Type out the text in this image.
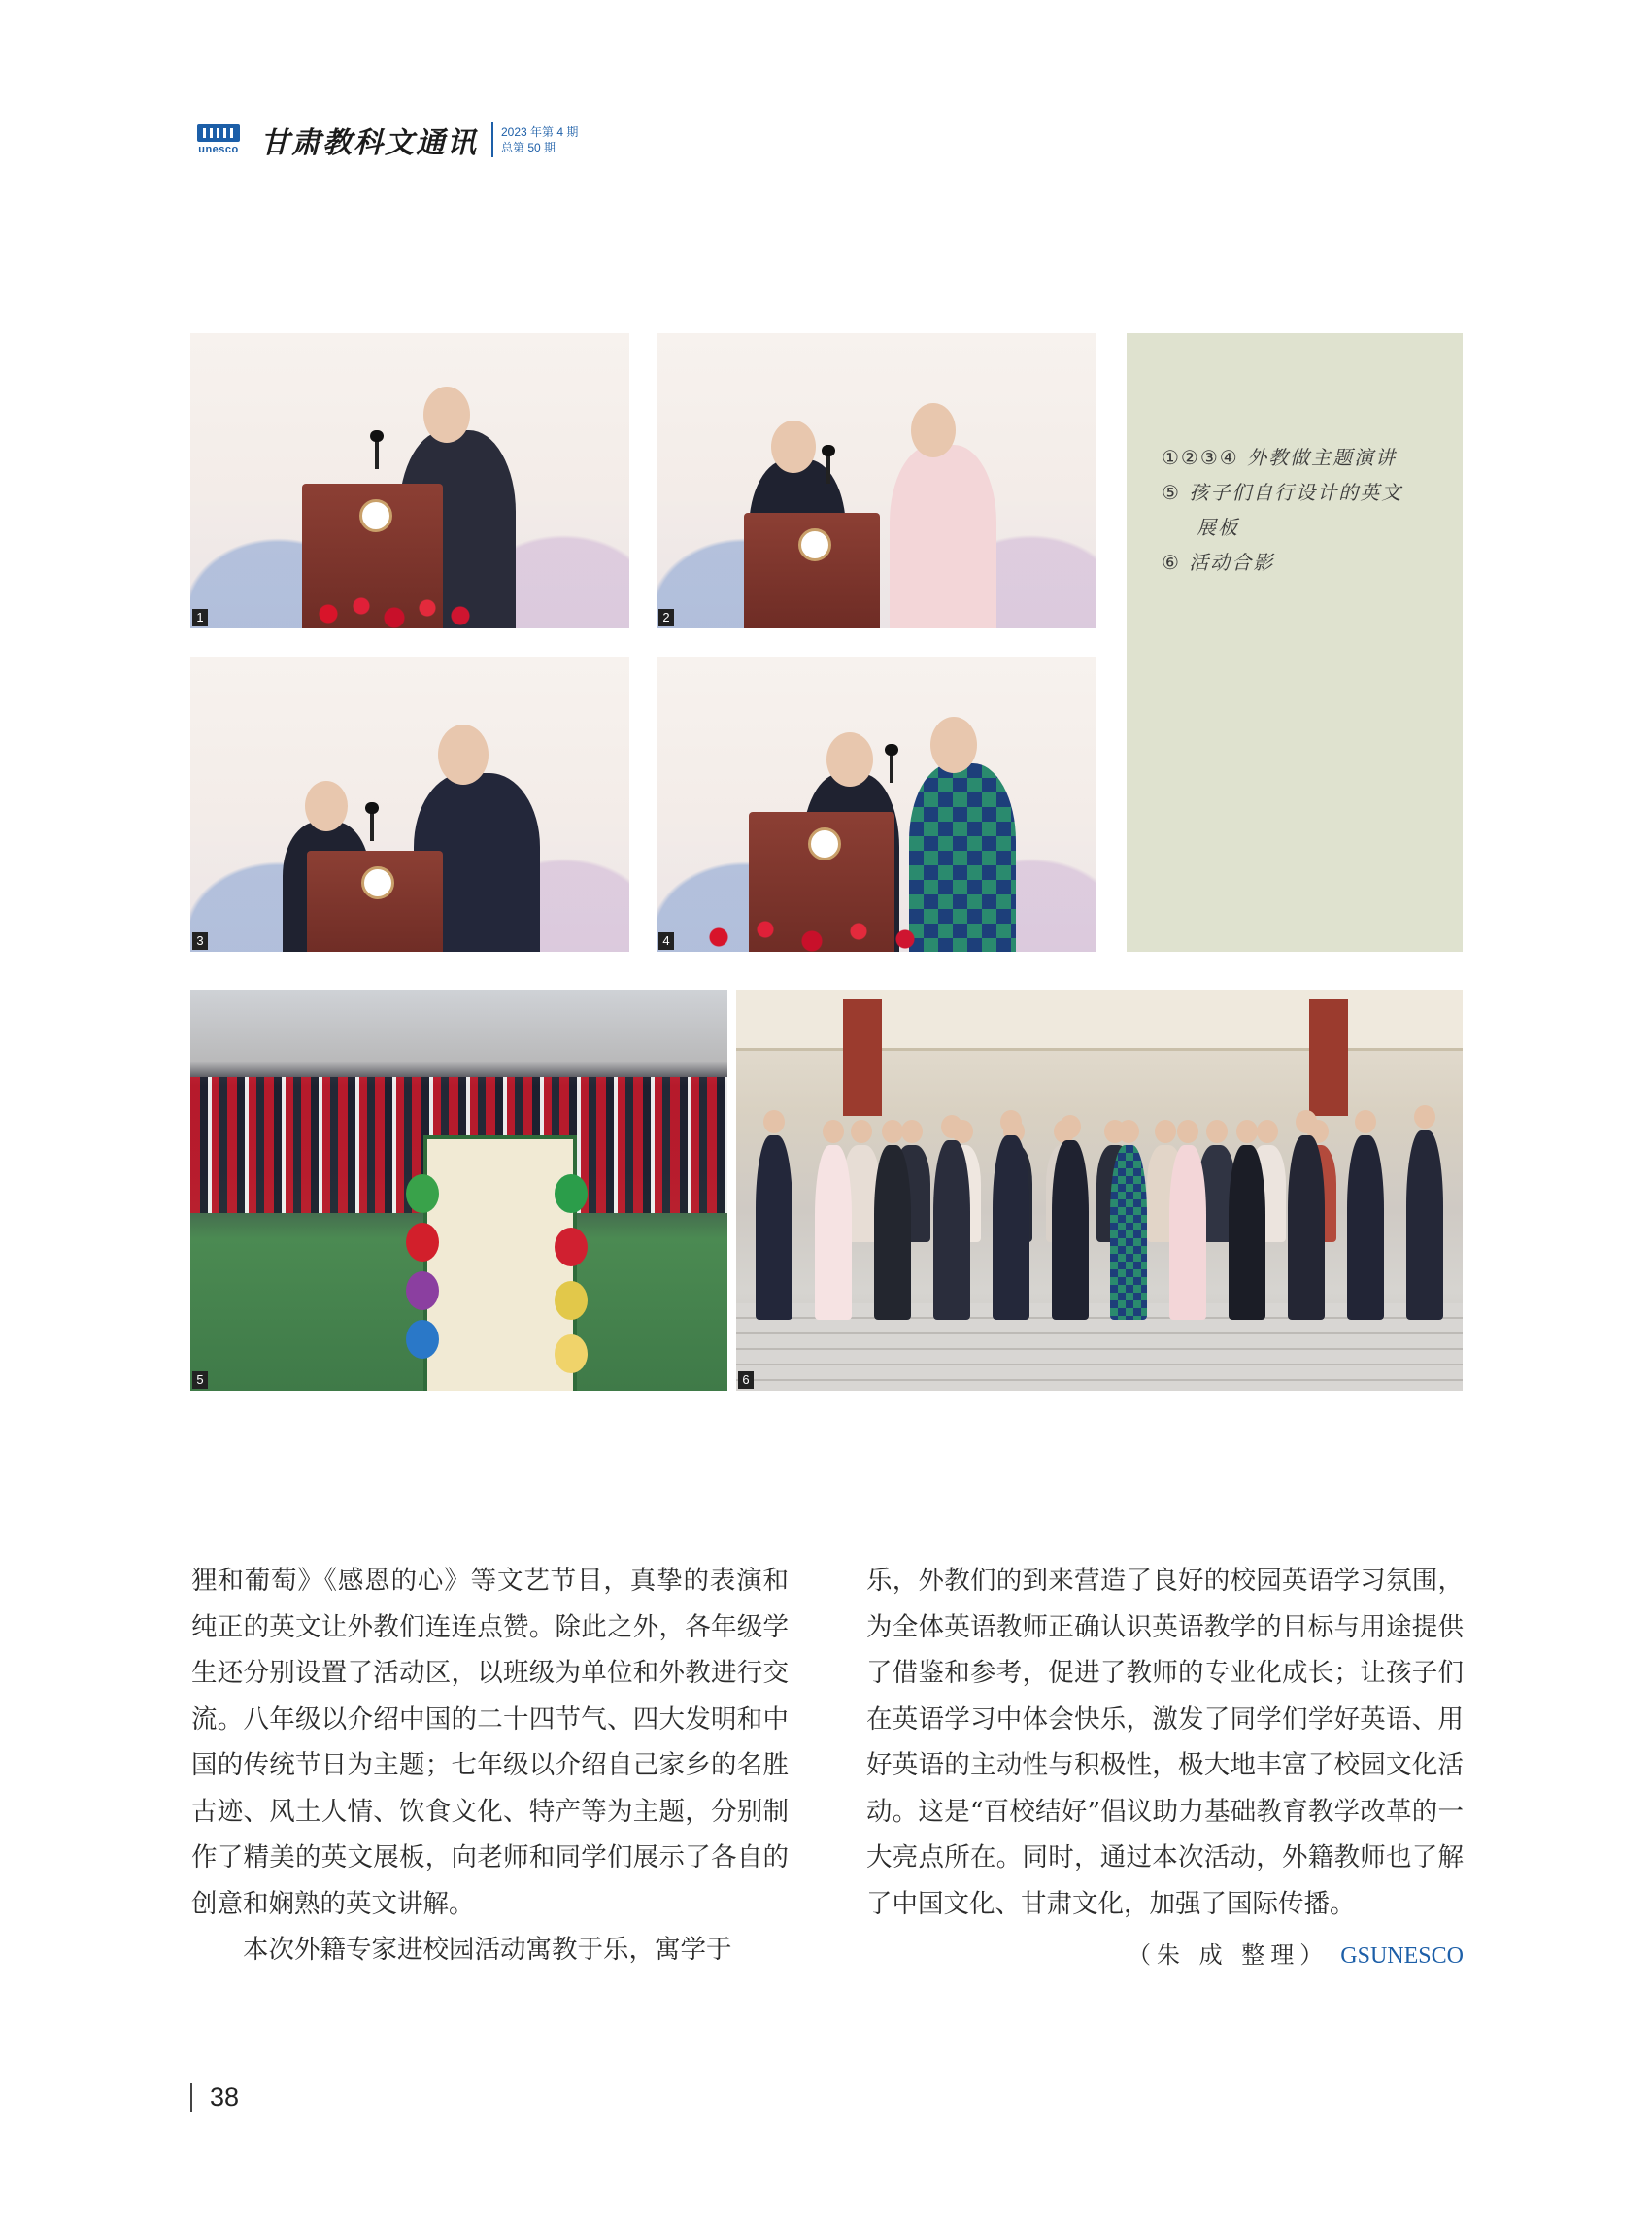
unesco 甘肃教科文通讯 2023 年第 4 期
总第 50 期
1	2
①②③④ 外教做主题演讲
⑤ 孩子们自行设计的英文
展板
⑥ 活动合影
3	4
5	6

狸和葡萄》《感恩的心》等文艺节目，真挚的表演和纯正的英文让外教们连连点赞。除此之外，各年级学生还分别设置了活动区，以班级为单位和外教进行交流。八年级以介绍中国的二十四节气、四大发明和中国的传统节日为主题；七年级以介绍自己家乡的名胜古迹、风土人情、饮食文化、特产等为主题，分别制作了精美的英文展板，向老师和同学们展示了各自的创意和娴熟的英文讲解。

本次外籍专家进校园活动寓教于乐，寓学于

乐，外教们的到来营造了良好的校园英语学习氛围，为全体英语教师正确认识英语教学的目标与用途提供了借鉴和参考，促进了教师的专业化成长；让孩子们在英语学习中体会快乐，激发了同学们学好英语、用好英语的主动性与积极性，极大地丰富了校园文化活动。这是“百校结好”倡议助力基础教育教学改革的一大亮点所在。同时，通过本次活动，外籍教师也了解了中国文化、甘肃文化，加强了国际传播。

（朱 成 整理） GSUNESCO
38
